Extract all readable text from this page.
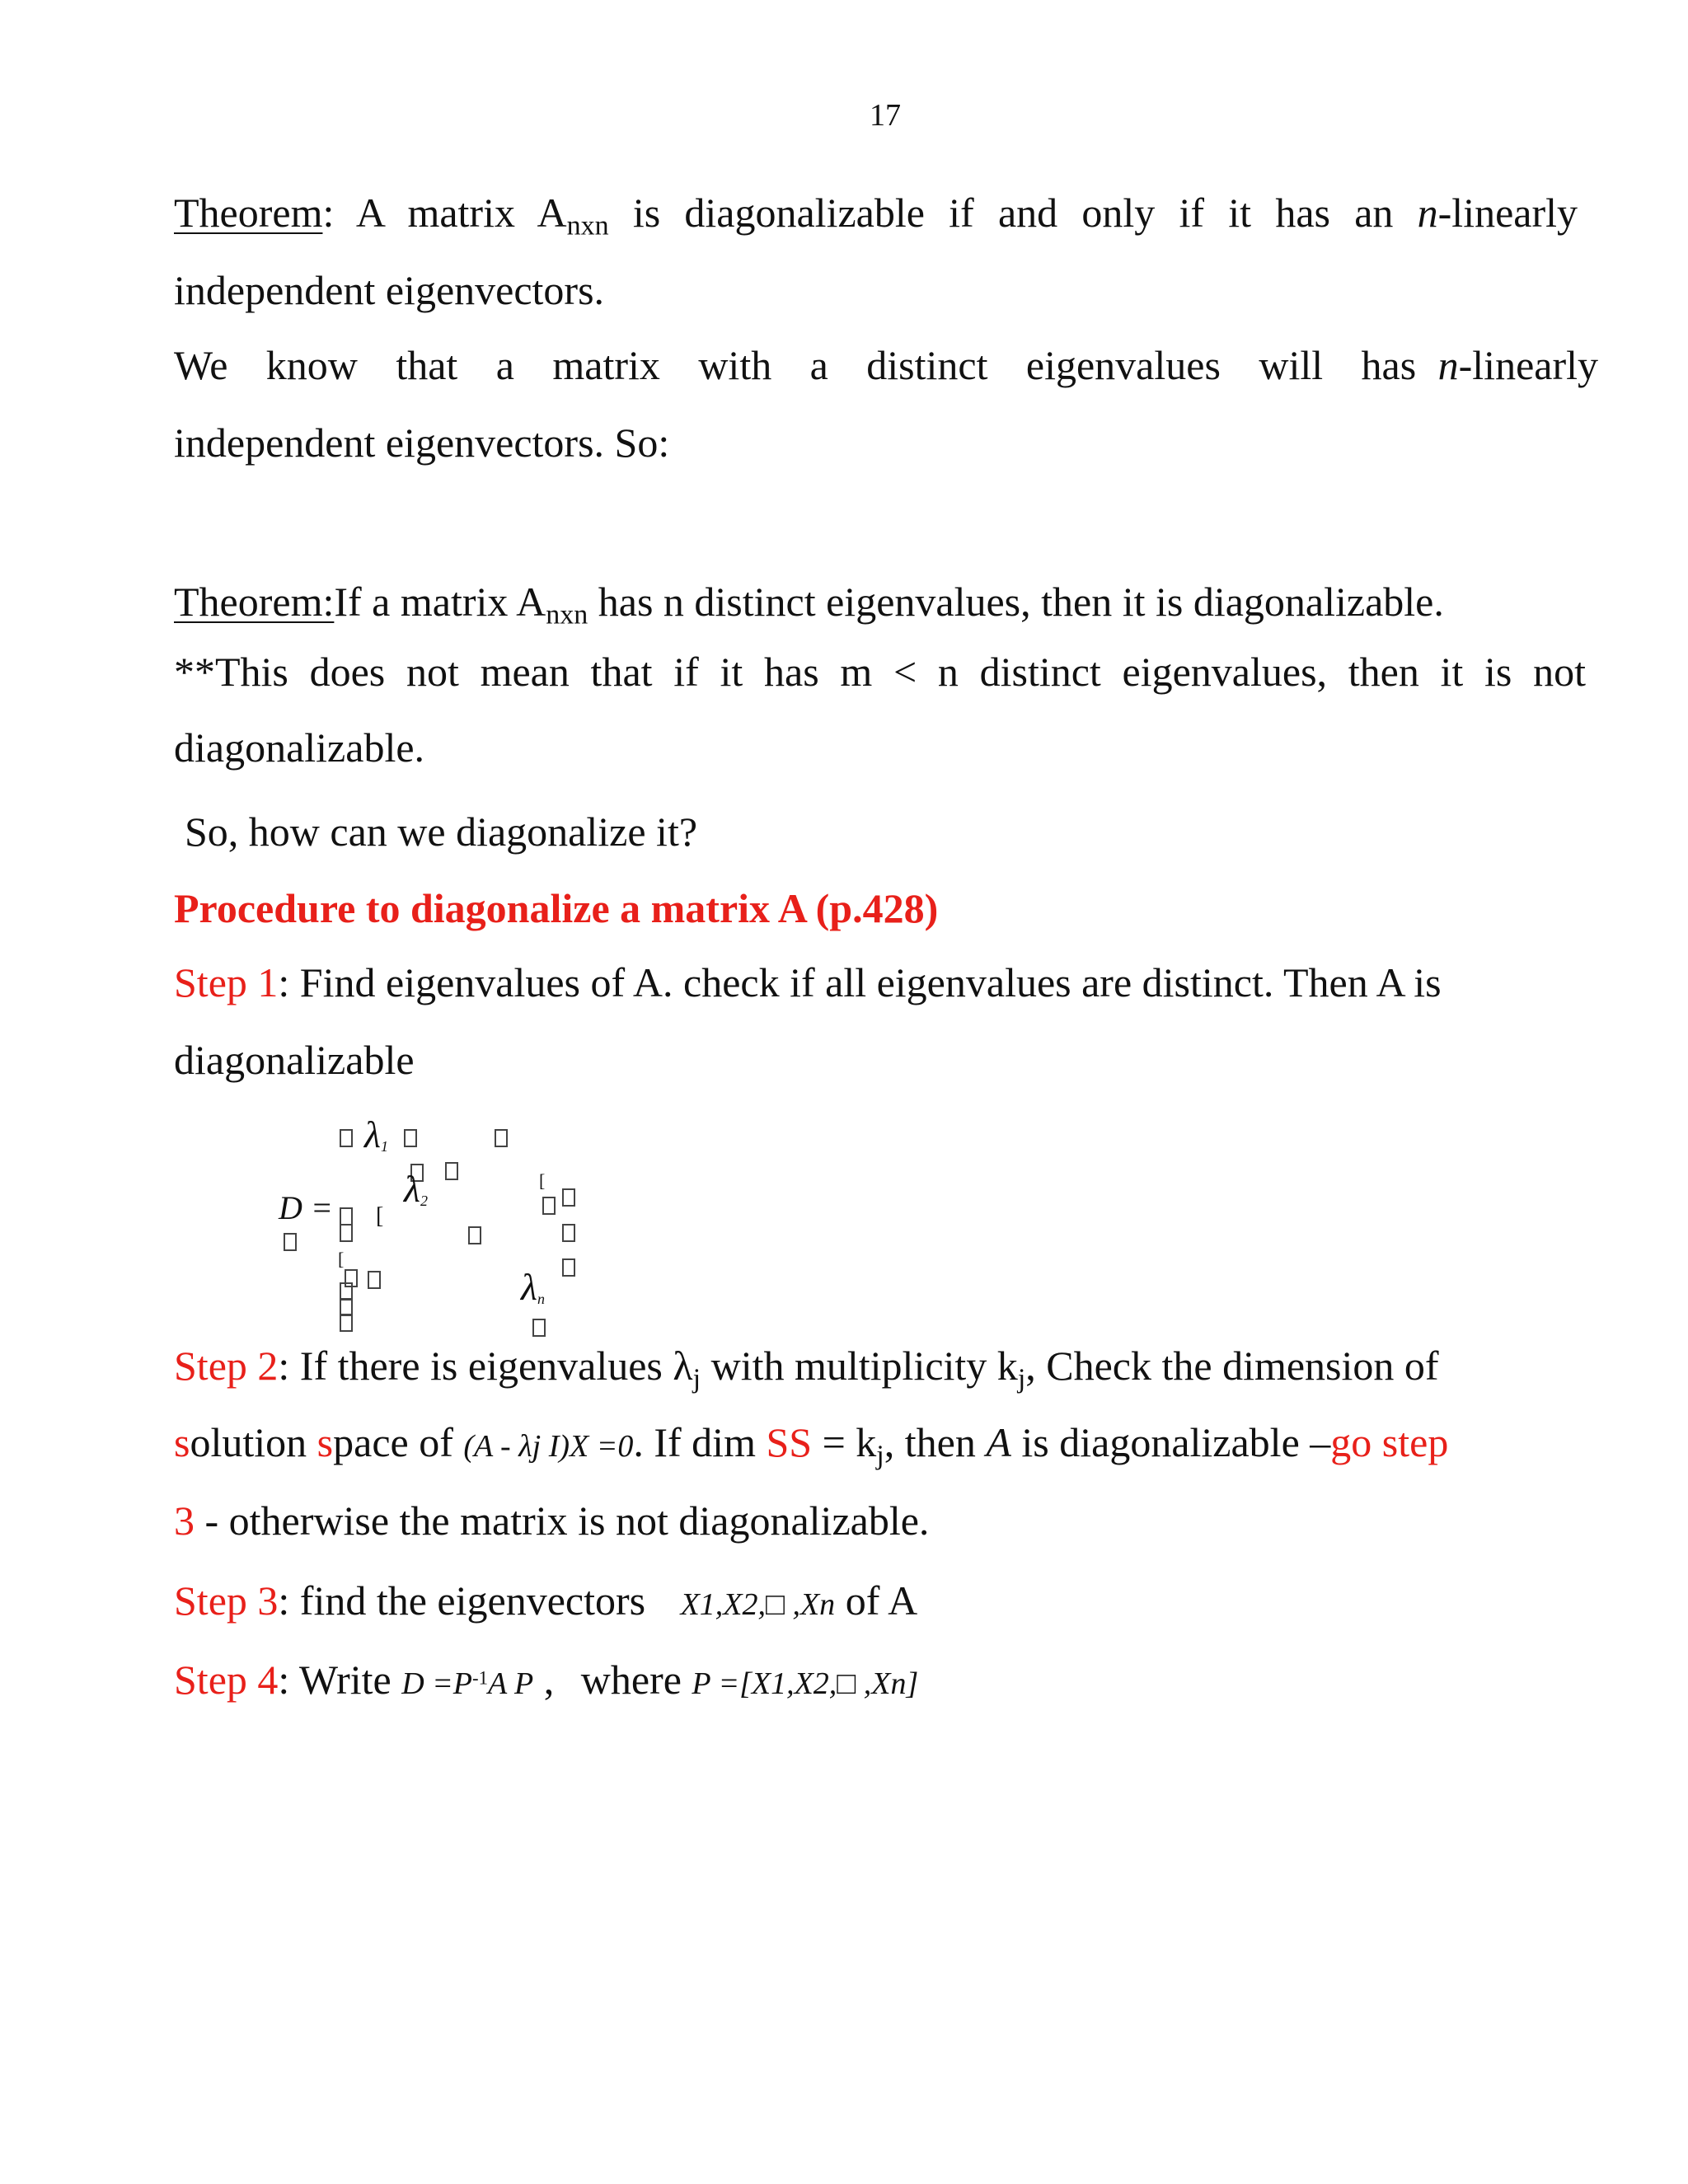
17
Theorem: A matrix $A_{nxn}$ is diagonalizable if and only if it has an n-linearly
independent eigenvectors.
We know that a matrix with a distinct eigenvalues will has n-linearly
independent eigenvectors. So:
Theorem:If a matrix $A_{nxn}$ has n distinct eigenvalues, then it is diagonalizable.
**This does not mean that if it has m < n distinct eigenvalues, then it is not
diagonalizable.
So, how can we diagonalize it?
Procedure to diagonalize a matrix A (p.428)
Step 1: Find eigenvalues of A. check if all eigenvalues are distinct. Then A is
diagonalizable
D =
[
[
$\lambda_1$
$\lambda_2$
[
$\lambda_n$
Step 2: If there is eigenvalues $\lambda_j$ with multiplicity $k_j$, Check the dimension of
solution space of (A - λj I)X =0. If dim SS = $k_j$, then A is diagonalizable –go step
3 - otherwise the matrix is not diagonalizable.
Step 3: find the eigenvectors X1,X2,□ ,Xn of A
Step 4: Write $D =P^{-1}A$ P , where P =[X1,X2,□ ,Xn]
